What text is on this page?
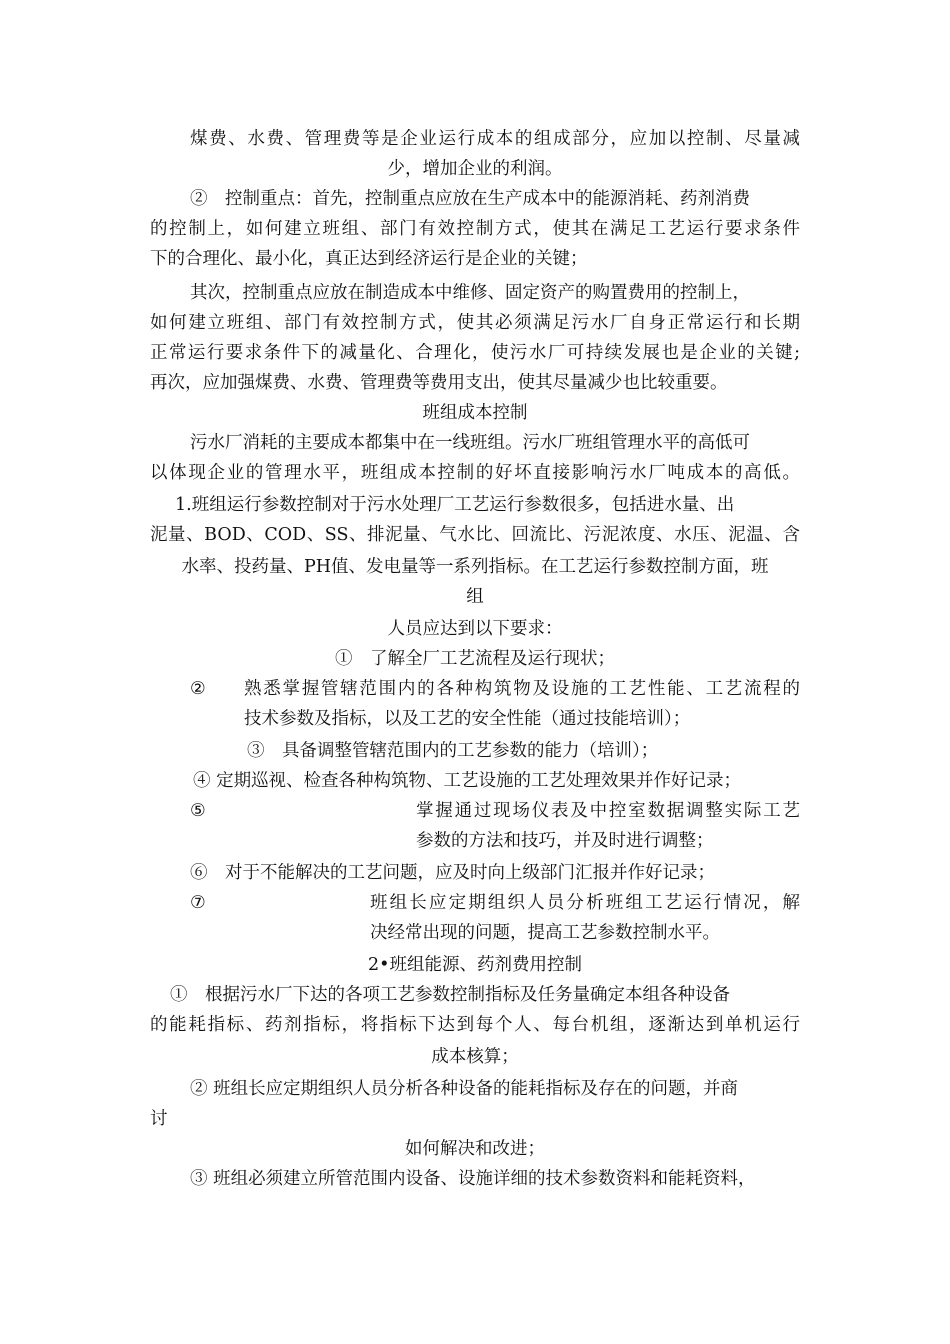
煤费、水费、管理费等是企业运行成本的组成部分，应加以控制、尽量减

少，增加企业的利润。

②　控制重点：首先，控制重点应放在生产成本中的能源消耗、药剂消费

的控制上，如何建立班组、部门有效控制方式，使其在满足工艺运行要求条件

下的合理化、最小化，真正达到经济运行是企业的关键；

其次，控制重点应放在制造成本中维修、固定资产的购置费用的控制上，

如何建立班组、部门有效控制方式，使其必须满足污水厂自身正常运行和长期

正常运行要求条件下的减量化、合理化，使污水厂可持续发展也是企业的关键;

再次，应加强煤费、水费、管理费等费用支出，使其尽量减少也比较重要。

班组成本控制

污水厂消耗的主要成本都集中在一线班组。污水厂班组管理水平的高低可

以体现企业的管理水平，班组成本控制的好坏直接影响污水厂吨成本的高低。

1.班组运行参数控制对于污水处理厂工艺运行参数很多，包括进水量、出

泥量、BOD、COD、SS、排泥量、气水比、回流比、污泥浓度、水压、泥温、含

水率、投药量、PH值、发电量等一系列指标。在工艺运行参数控制方面，班

组

人员应达到以下要求：

①　了解全厂工艺流程及运行现状；

② 熟悉掌握管辖范围内的各种构筑物及设施的工艺性能、工艺流程的

技术参数及指标，以及工艺的安全性能（通过技能培训）；

③　具备调整管辖范围内的工艺参数的能力（培训）；

④ 定期巡视、检查各种构筑物、工艺设施的工艺处理效果并作好记录；

⑤	掌握通过现场仪表及中控室数据调整实际工艺

参数的方法和技巧，并及时进行调整；

⑥　对于不能解决的工艺问题，应及时向上级部门汇报并作好记录；

⑦	班组长应定期组织人员分析班组工艺运行情况，解

决经常出现的问题，提高工艺参数控制水平。

2•班组能源、药剂费用控制

①　根据污水厂下达的各项工艺参数控制指标及任务量确定本组各种设备

的能耗指标、药剂指标，将指标下达到每个人、每台机组，逐渐达到单机运行

成本核算；

② 班组长应定期组织人员分析各种设备的能耗指标及存在的问题，并商

讨

如何解决和改进；

③ 班组必须建立所管范围内设备、设施详细的技术参数资料和能耗资料，
